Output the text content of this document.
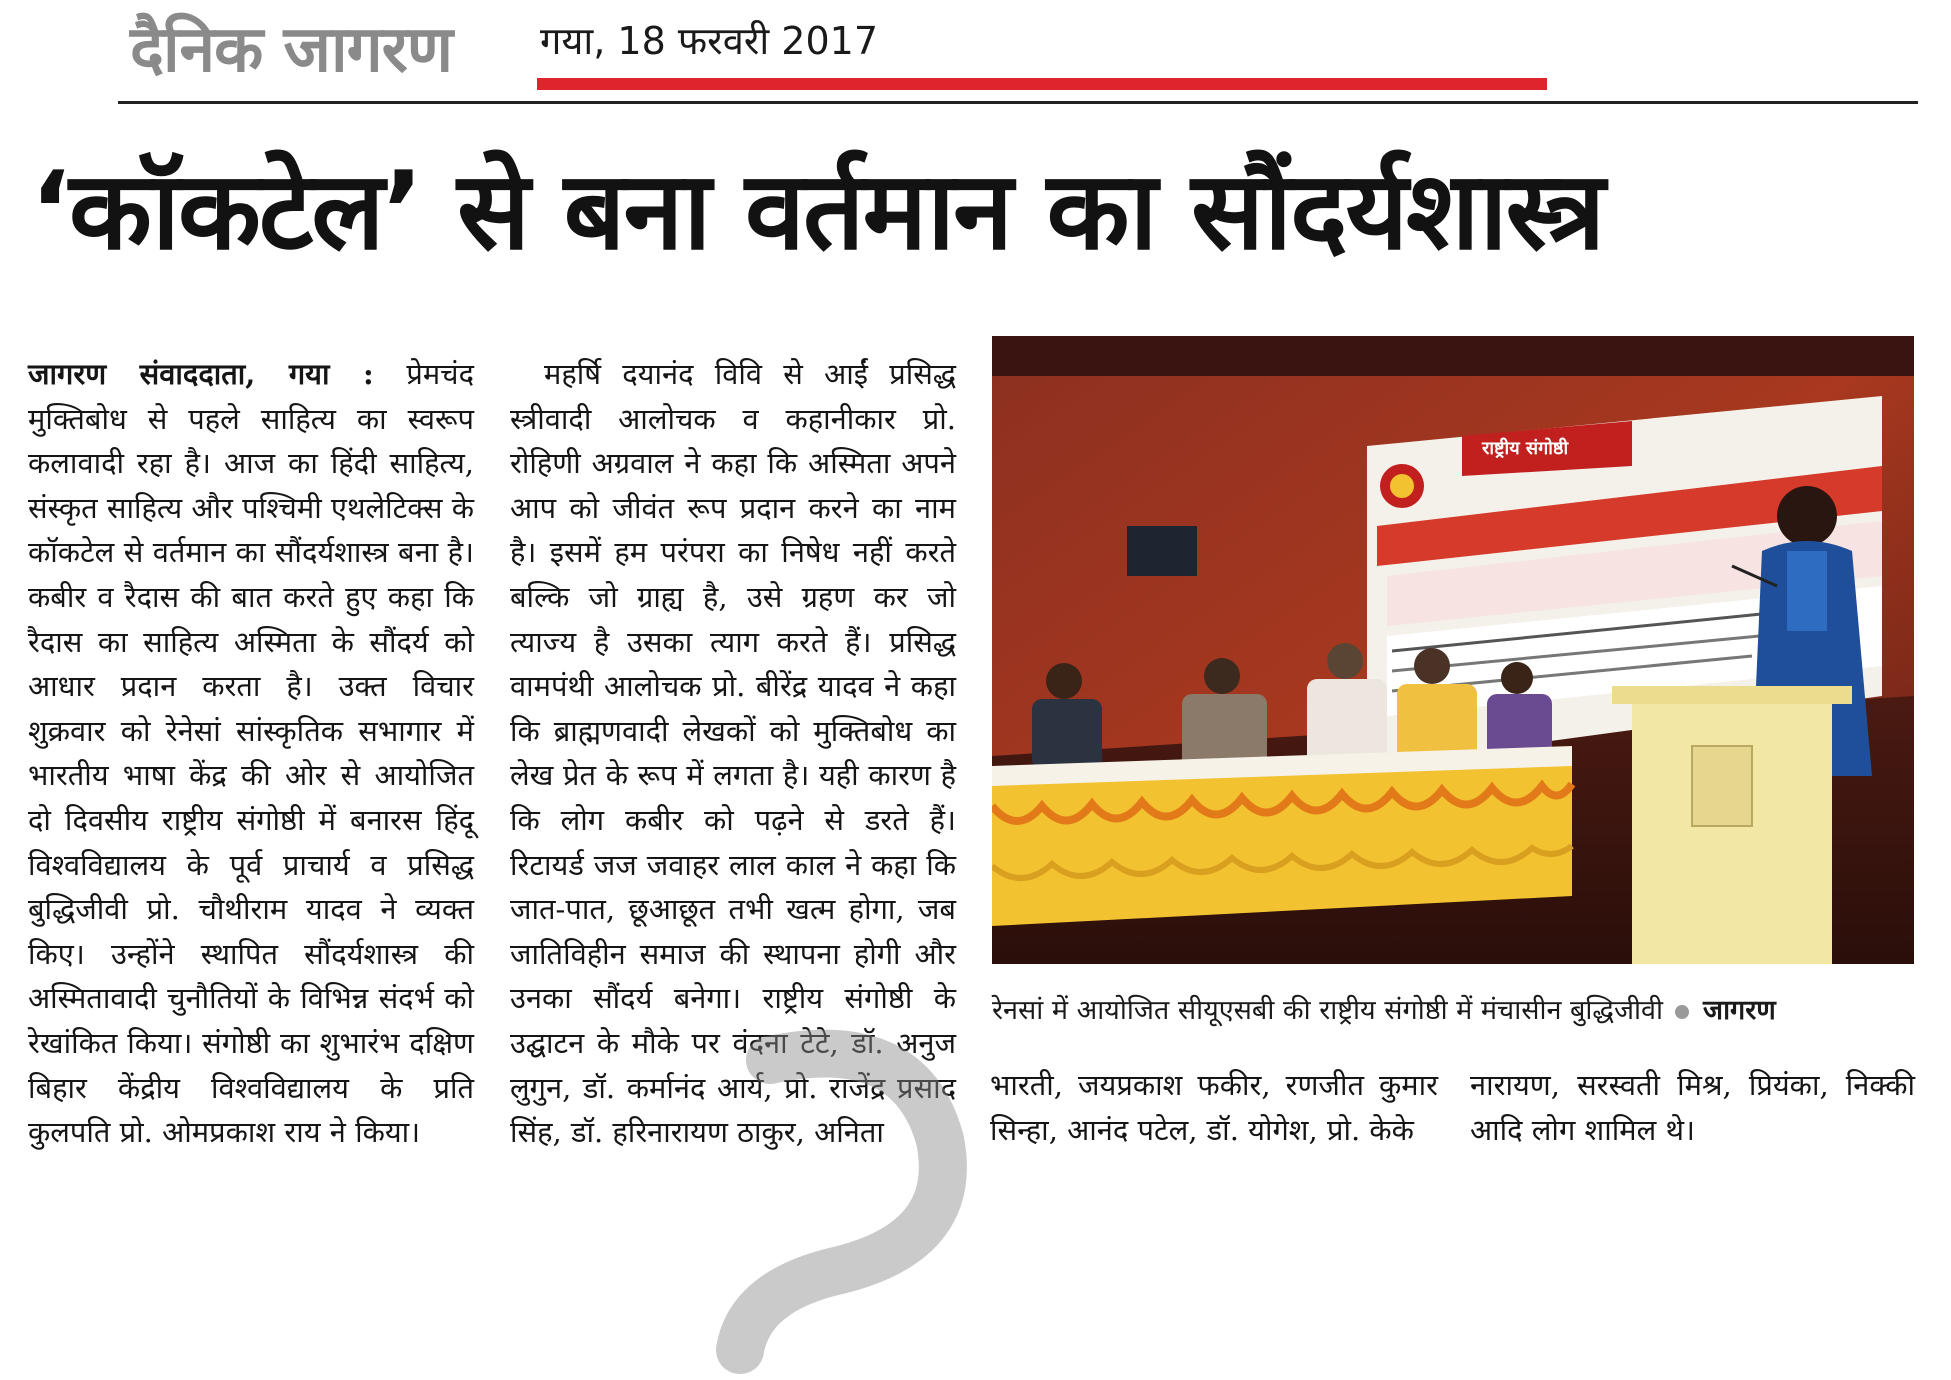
दैनिक जागरण गया, 18 फरवरी 2017
‘कॉकटेल’ से बना वर्तमान का सौंदर्यशास्त्र

जागरण संवाददाता, गया : प्रेमचंद मुक्तिबोध से पहले साहित्य का स्वरूप कलावादी रहा है। आज का हिंदी साहित्य, संस्कृत साहित्य और पश्चिमी एथलेटिक्स के कॉकटेल से वर्तमान का सौंदर्यशास्त्र बना है। कबीर व रैदास की बात करते हुए कहा कि रैदास का साहित्य अस्मिता के सौंदर्य को आधार प्रदान करता है। उक्त विचार शुक्रवार को रेनेसां सांस्कृतिक सभागार में भारतीय भाषा केंद्र की ओर से आयोजित दो दिवसीय राष्ट्रीय संगोष्ठी में बनारस हिंदू विश्वविद्यालय के पूर्व प्राचार्य व प्रसिद्ध बुद्धिजीवी प्रो. चौथीराम यादव ने व्यक्त किए। उन्होंने स्थापित सौंदर्यशास्त्र की अस्मितावादी चुनौतियों के विभिन्न संदर्भ को रेखांकित किया। संगोष्ठी का शुभारंभ दक्षिण बिहार केंद्रीय विश्वविद्यालय के प्रति कुलपति प्रो. ओमप्रकाश राय ने किया।

महर्षि दयानंद विवि से आईं प्रसिद्ध स्त्रीवादी आलोचक व कहानीकार प्रो. रोहिणी अग्रवाल ने कहा कि अस्मिता अपने आप को जीवंत रूप प्रदान करने का नाम है। इसमें हम परंपरा का निषेध नहीं करते बल्कि जो ग्राह्य है, उसे ग्रहण कर जो त्याज्य है उसका त्याग करते हैं। प्रसिद्ध वामपंथी आलोचक प्रो. बीरेंद्र यादव ने कहा कि ब्राह्मणवादी लेखकों को मुक्तिबोध का लेख प्रेत के रूप में लगता है। यही कारण है कि लोग कबीर को पढ़ने से डरते हैं। रिटायर्ड जज जवाहर लाल काल ने कहा कि जात-पात, छूआछूत तभी खत्म होगा, जब जातिविहीन समाज की स्थापना होगी और उनका सौंदर्य बनेगा। राष्ट्रीय संगोष्ठी के उद्घाटन के मौके पर वंदना टेटे, डॉ. अनुज लुगुन, डॉ. कर्मानंद आर्य, प्रो. राजेंद्र प्रसाद सिंह, डॉ. हरिनारायण ठाकुर, अनिता

राष्ट्रीय संगोष्ठी
रेनसां में आयोजित सीयूएसबी की राष्ट्रीय संगोष्ठी में मंचासीन बुद्धिजीवी जागरण

भारती, जयप्रकाश फकीर, रणजीत कुमार सिन्हा, आनंद पटेल, डॉ. योगेश, प्रो. केके

नारायण, सरस्वती मिश्र, प्रियंका, निक्की आदि लोग शामिल थे।
